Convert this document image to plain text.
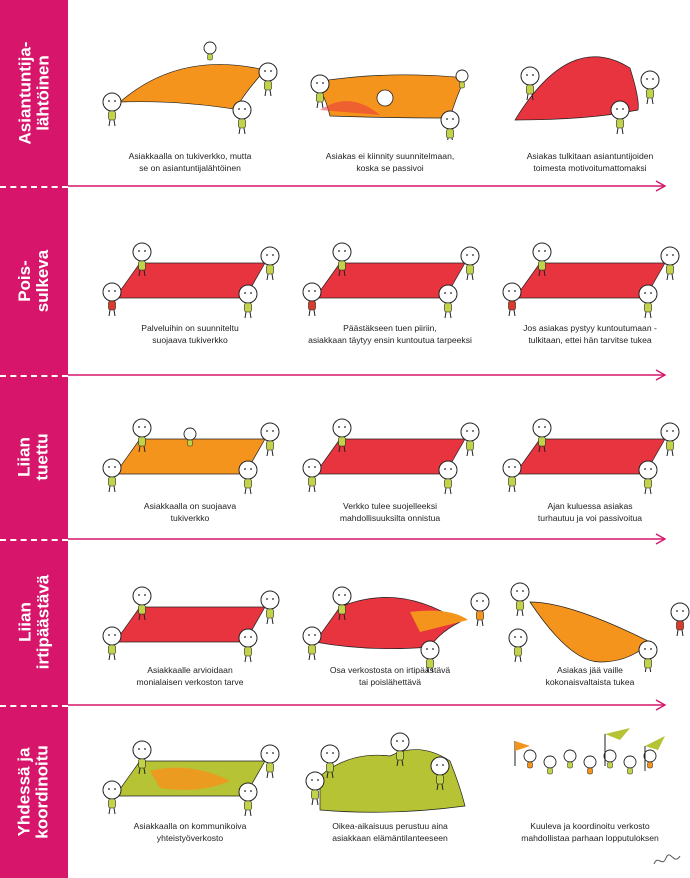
Asiantuntija-
lähtöinen
Pois-
sulkeva
Liian
tuettu
Liian
irtipäästävä
Yhdessä ja
koordinoitu
Asiakkaalla on tukiverkko, mutta
se on asiantuntijalähtöinen
Asiakas ei kiinnity suunnitelmaan,
koska se passivoi
Asiakas tulkitaan asiantuntijoiden
toimesta motivoitumattomaksi
Palveluihin on suunniteltu
suojaava tukiverkko
Päästäkseen tuen piiriin,
asiakkaan täytyy ensin kuntoutua tarpeeksi
Jos asiakas pystyy kuntoutumaan -
tulkitaan, ettei hän tarvitse tukea
Asiakkaalla on suojaava
tukiverkko
Verkko tulee suojelleeksi
mahdollisuuksilta onnistua
Ajan kuluessa asiakas
turhautuu ja voi passivoitua
Asiakkaalle arvioidaan
monialaisen verkoston tarve
Osa verkostosta on irtipäästävä
tai poislähettävä
Asiakas jää vaille
kokonaisvaltaista tukea
Asiakkaalla on kommunikoiva
yhteistyöverkosto
Oikea-aikaisuus perustuu aina
asiakkaan elämäntilanteeseen
Kuuleva ja koordinoitu verkosto
mahdollistaa parhaan lopputuloksen
